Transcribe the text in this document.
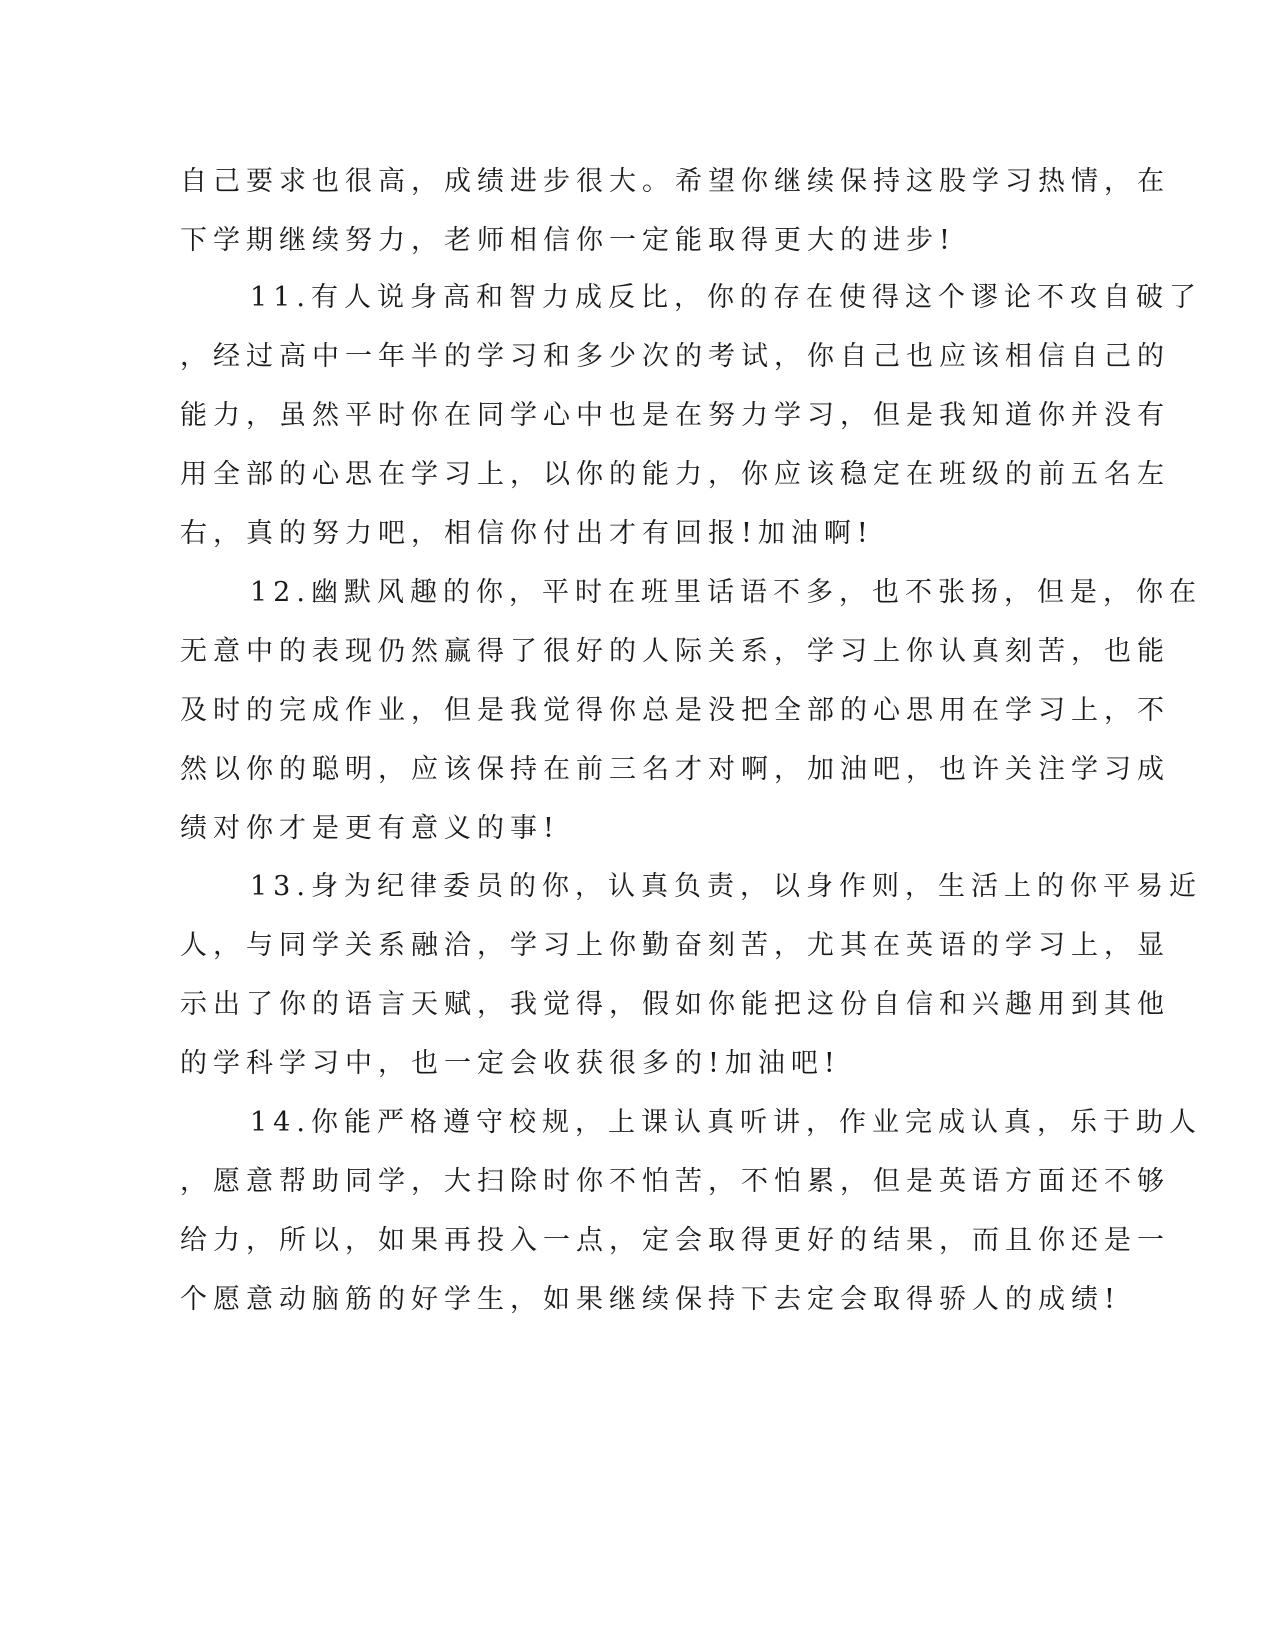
自己要求也很高，成绩进步很大。希望你继续保持这股学习热情，在
下学期继续努力，老师相信你一定能取得更大的进步!
11.有人说身高和智力成反比，你的存在使得这个谬论不攻自破了
，经过高中一年半的学习和多少次的考试，你自己也应该相信自己的
能力，虽然平时你在同学心中也是在努力学习，但是我知道你并没有
用全部的心思在学习上，以你的能力，你应该稳定在班级的前五名左
右，真的努力吧，相信你付出才有回报!加油啊!
12.幽默风趣的你，平时在班里话语不多，也不张扬，但是，你在
无意中的表现仍然赢得了很好的人际关系，学习上你认真刻苦，也能
及时的完成作业，但是我觉得你总是没把全部的心思用在学习上，不
然以你的聪明，应该保持在前三名才对啊，加油吧，也许关注学习成
绩对你才是更有意义的事!
13.身为纪律委员的你，认真负责，以身作则，生活上的你平易近
人，与同学关系融洽，学习上你勤奋刻苦，尤其在英语的学习上，显
示出了你的语言天赋，我觉得，假如你能把这份自信和兴趣用到其他
的学科学习中，也一定会收获很多的!加油吧!
14.你能严格遵守校规，上课认真听讲，作业完成认真，乐于助人
，愿意帮助同学，大扫除时你不怕苦，不怕累，但是英语方面还不够
给力，所以，如果再投入一点，定会取得更好的结果，而且你还是一
个愿意动脑筋的好学生，如果继续保持下去定会取得骄人的成绩!
